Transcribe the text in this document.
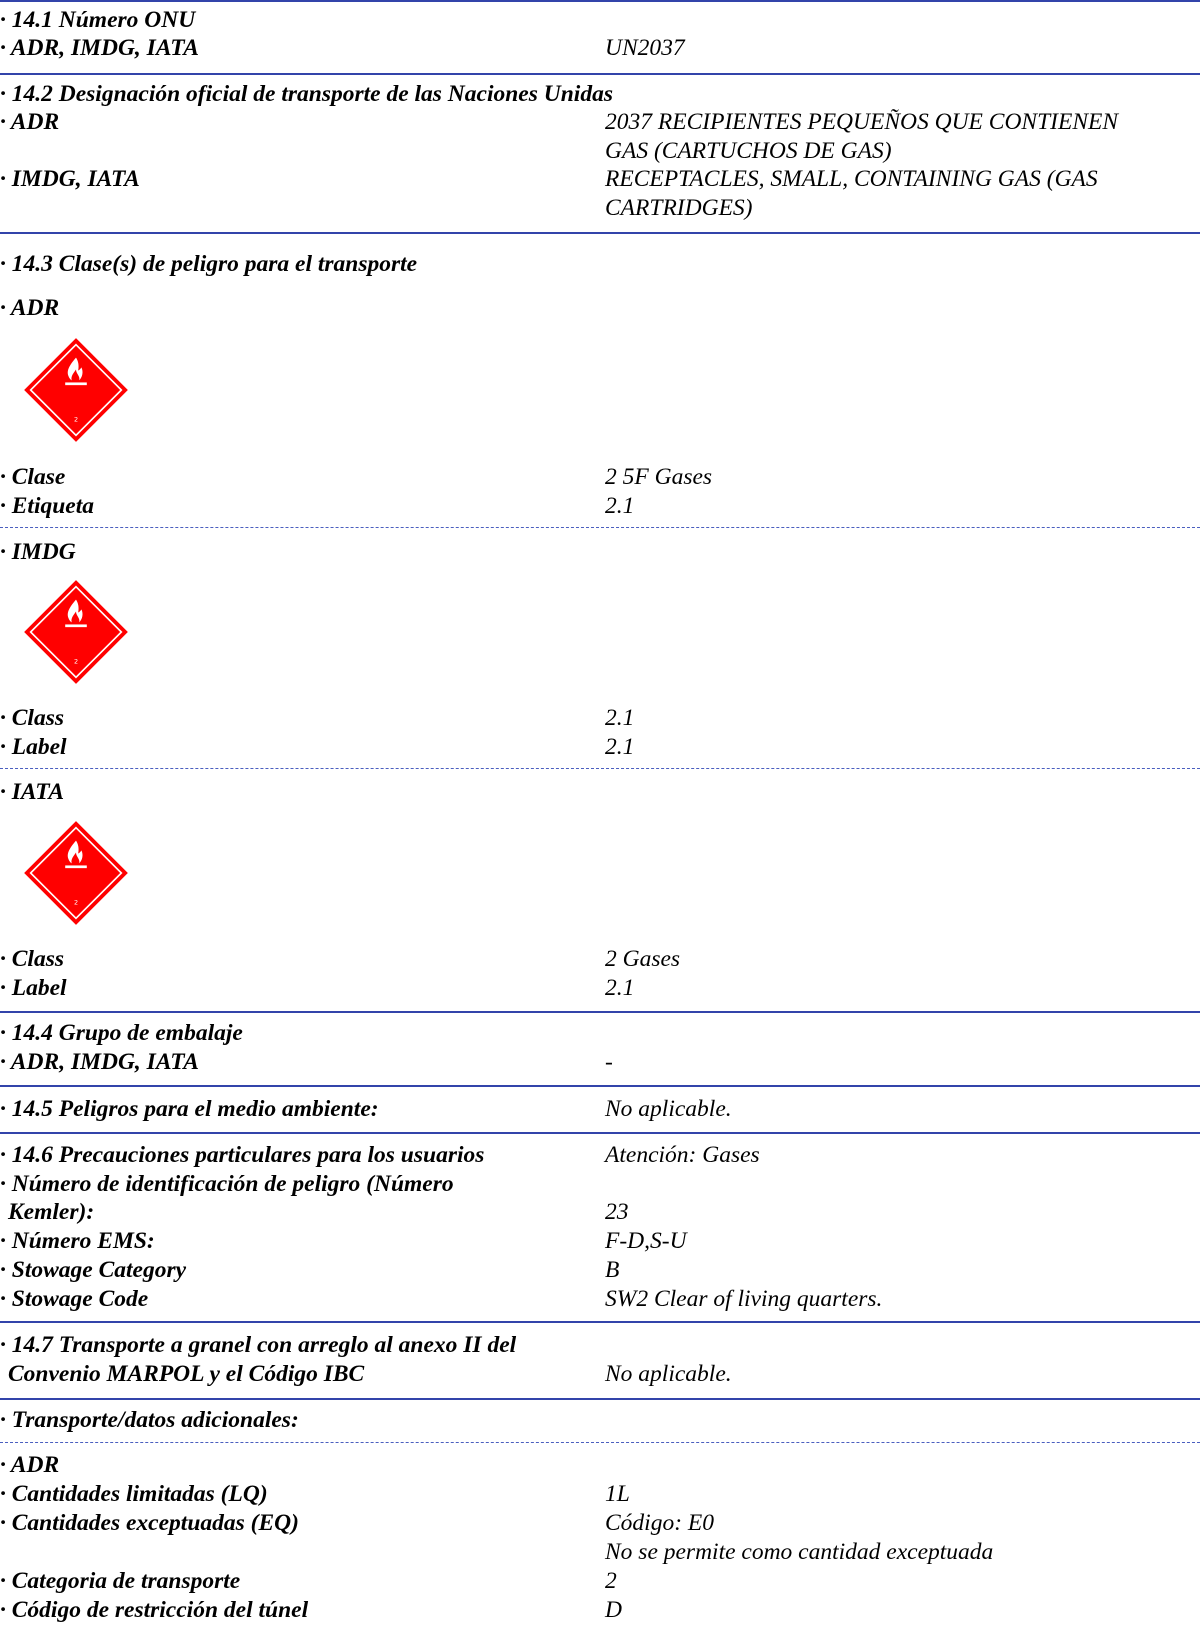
· 14.1 Número ONU
· ADR, IMDG, IATA	UN2037
· 14.2 Designación oficial de transporte de las Naciones Unidas
· ADR	2037 RECIPIENTES PEQUEÑOS QUE CONTIENEN
GAS (CARTUCHOS DE GAS)
· IMDG, IATA	RECEPTACLES, SMALL, CONTAINING GAS (GAS
CARTRIDGES)
· 14.3 Clase(s) de peligro para el transporte
· ADR
2
· Clase	2 5F Gases
· Etiqueta	2.1
· IMDG
2
· Class	2.1
· Label	2.1
· IATA
2
· Class	2 Gases
· Label	2.1
· 14.4 Grupo de embalaje
· ADR, IMDG, IATA	-
· 14.5 Peligros para el medio ambiente:	No aplicable.
· 14.6 Precauciones particulares para los usuarios	Atención: Gases
· Número de identificación de peligro (Número
Kemler):	23
· Número EMS:	F-D,S-U
· Stowage Category	B
· Stowage Code	SW2 Clear of living quarters.
· 14.7 Transporte a granel con arreglo al anexo II del
Convenio MARPOL y el Código IBC	No aplicable.
· Transporte/datos adicionales:
· ADR
· Cantidades limitadas (LQ)	1L
· Cantidades exceptuadas (EQ)	Código: E0
No se permite como cantidad exceptuada
· Categoria de transporte	2
· Código de restricción del túnel	D
